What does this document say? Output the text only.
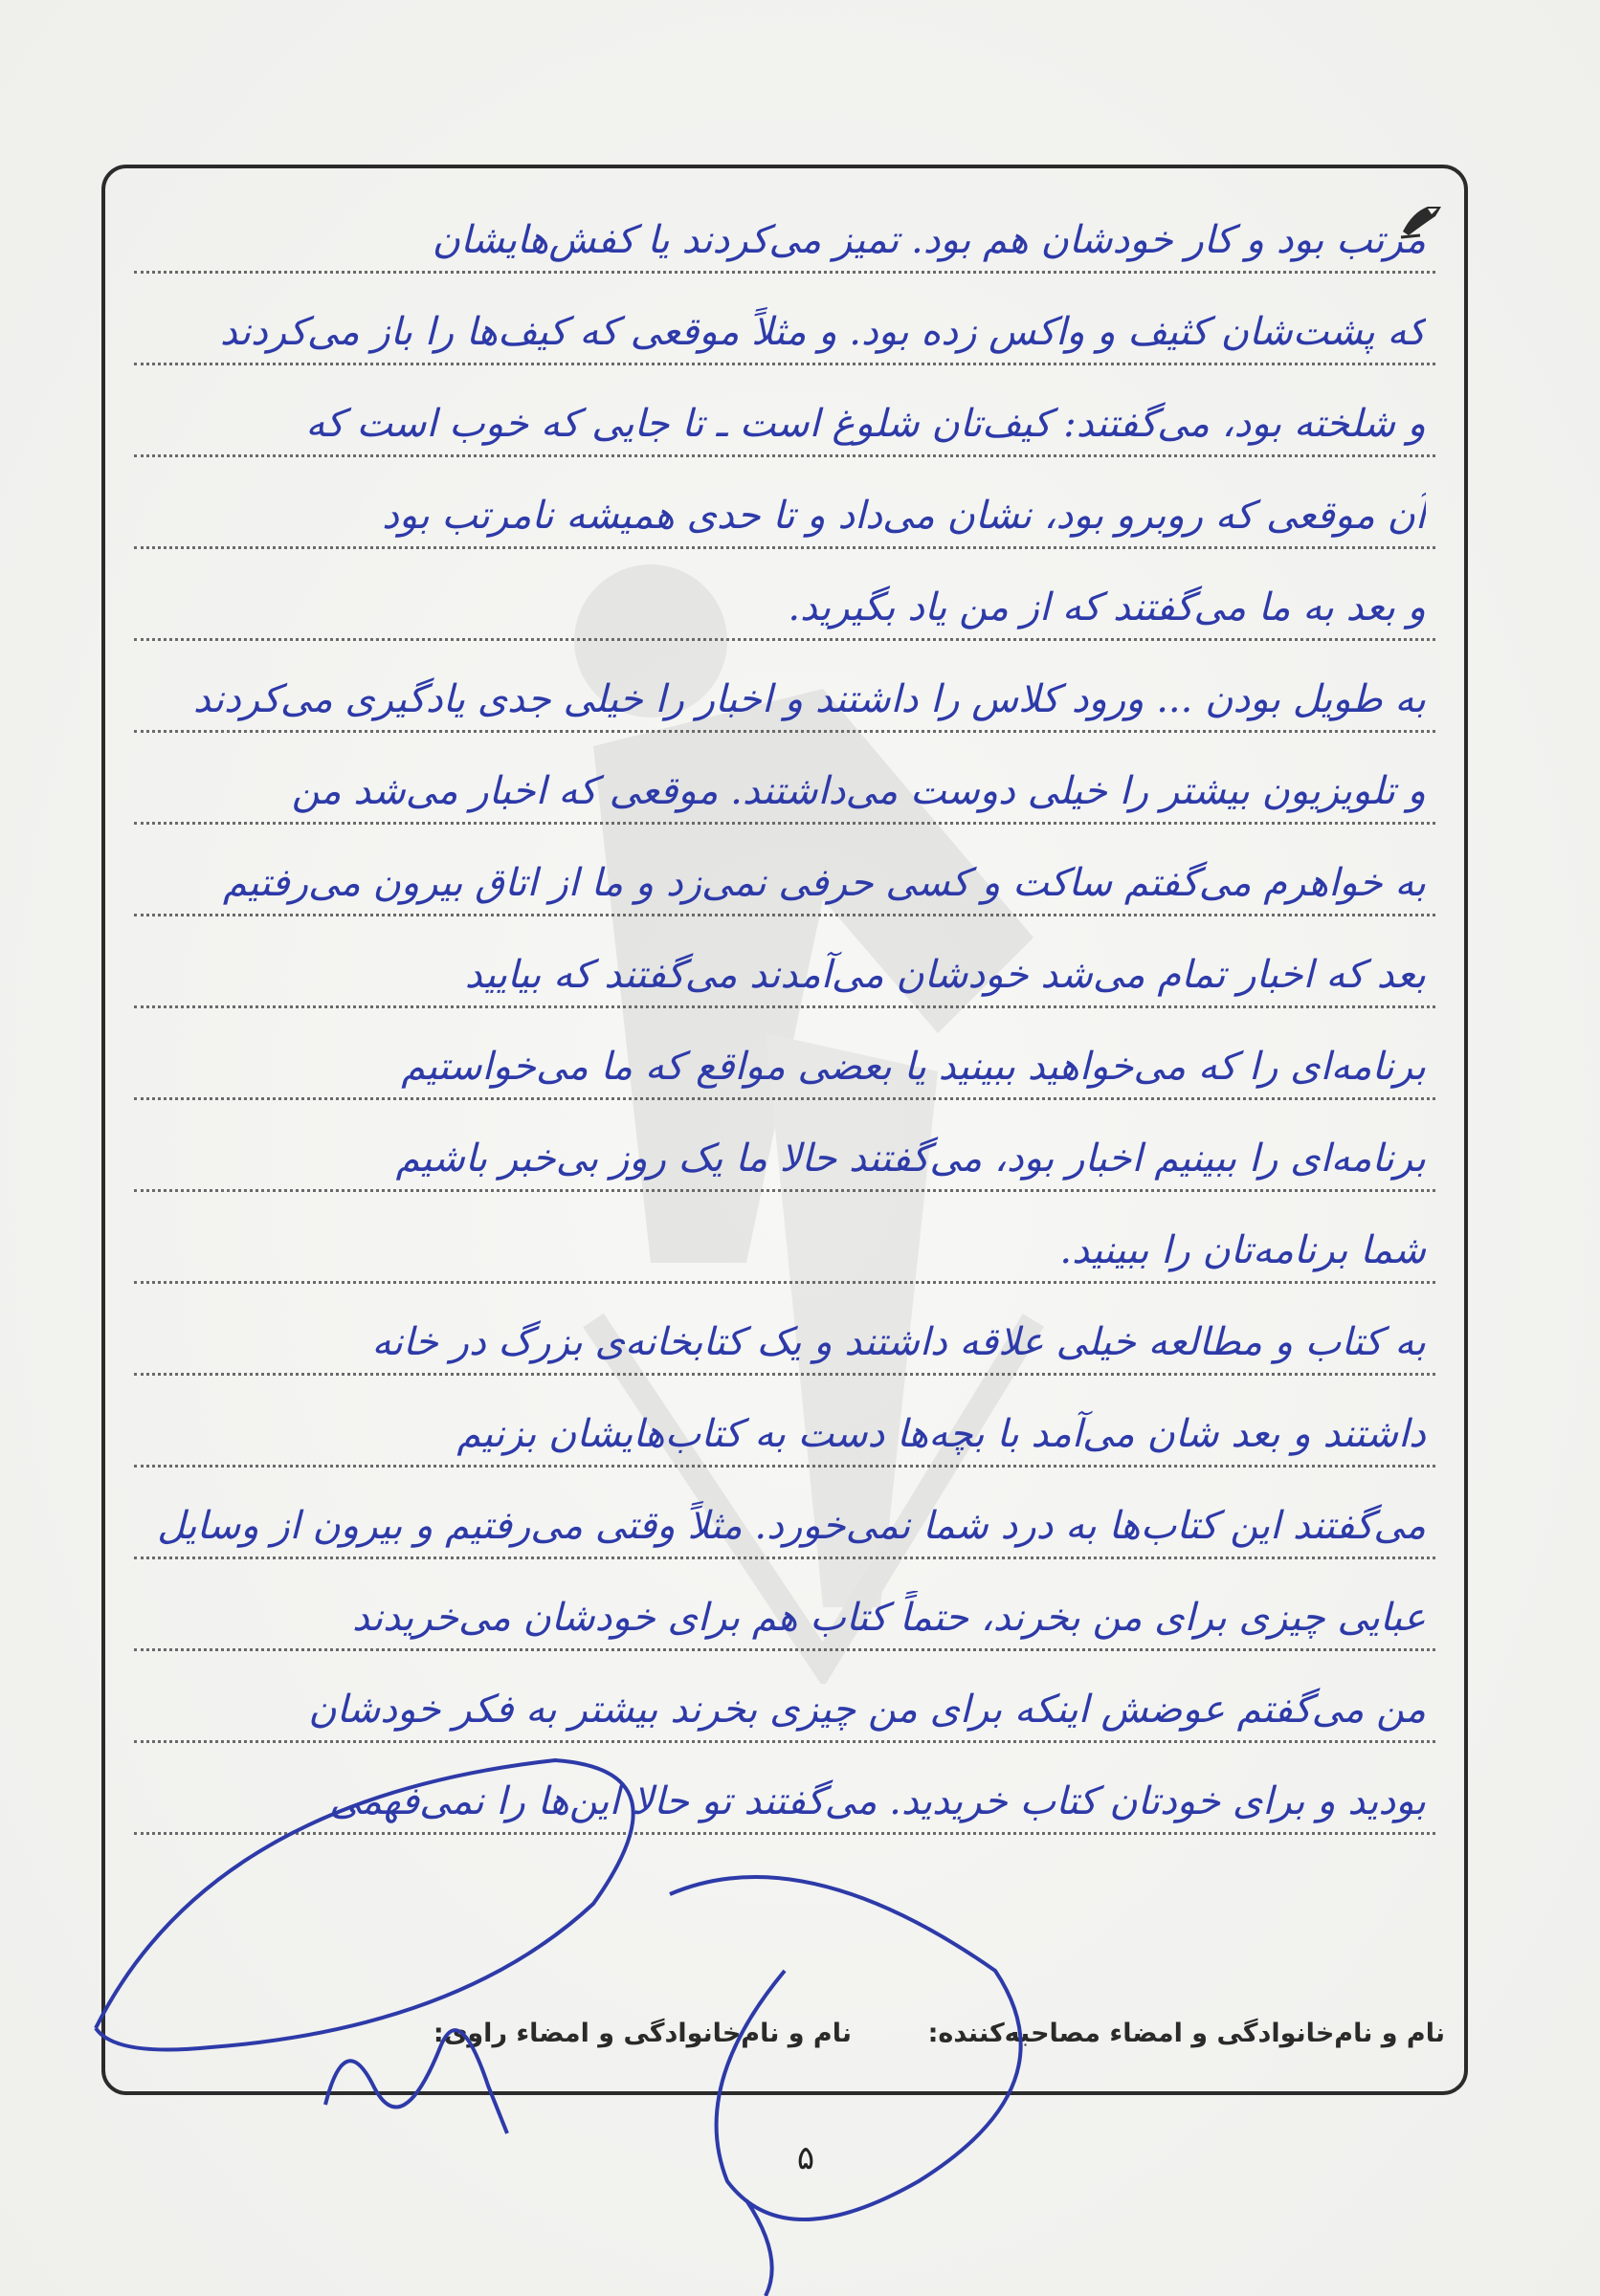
مرتب بود و کار خودشان هم بود. تمیز می‌کردند یا کفش‌هایشان
که پشت‌شان کثیف و واکس زده بود. و مثلاً موقعی که کیف‌ها را باز می‌کردند
و شلخته بود، می‌گفتند: کیف‌تان شلوغ است ـ تا جایی که خوب است که
آن موقعی که روبرو بود، نشان می‌داد و تا حدی همیشه نامرتب بود
و بعد به ما می‌گفتند که از من یاد بگیرید.
به طویل بودن ... ورود کلاس را داشتند و اخبار را خیلی جدی یادگیری می‌کردند
و تلویزیون بیشتر را خیلی دوست می‌داشتند. موقعی که اخبار می‌شد من
به خواهرم می‌گفتم ساکت و کسی حرفی نمی‌زد و ما از اتاق بیرون می‌رفتیم
بعد که اخبار تمام می‌شد خودشان می‌آمدند می‌گفتند که بیایید
برنامه‌ای را که می‌خواهید ببینید یا بعضی مواقع که ما می‌خواستیم
برنامه‌ای را ببینیم اخبار بود، می‌گفتند حالا ما یک روز بی‌خبر باشیم
شما برنامه‌تان را ببینید.
به کتاب و مطالعه خیلی علاقه داشتند و یک کتابخانه‌ی بزرگ در خانه
داشتند و بعد شان می‌آمد با بچه‌ها دست به کتاب‌هایشان بزنیم
می‌گفتند این کتاب‌ها به درد شما نمی‌خورد. مثلاً وقتی می‌رفتیم و بیرون از وسایل
عبایی چیزی برای من بخرند، حتماً کتاب هم برای خودشان می‌خریدند
من می‌گفتم عوضش اینکه برای من چیزی بخرند بیشتر به فکر خودشان
بودید و برای خودتان کتاب خریدید. می‌گفتند تو حالا این‌ها را نمی‌فهمی
نام و نام‌خانوادگی و امضاء مصاحبه‌کننده:
نام و نام‌خانوادگی و امضاء راوی:
۵
